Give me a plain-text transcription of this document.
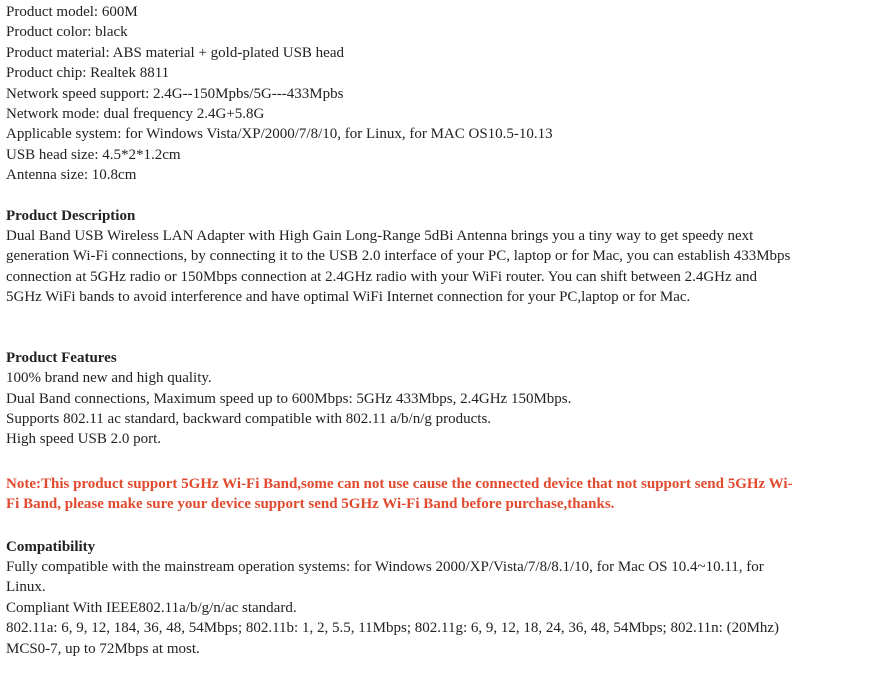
Product model: 600M
Product color: black
Product material: ABS material + gold-plated USB head
Product chip: Realtek 8811
Network speed support: 2.4G--150Mpbs/5G---433Mpbs
Network mode: dual frequency 2.4G+5.8G
Applicable system: for Windows Vista/XP/2000/7/8/10, for Linux, for MAC OS10.5-10.13
USB head size: 4.5*2*1.2cm
Antenna size: 10.8cm
Product Description
Dual Band USB Wireless LAN Adapter with High Gain Long-Range 5dBi Antenna brings you a tiny way to get speedy next
generation Wi-Fi connections, by connecting it to the USB 2.0 interface of your PC, laptop or for Mac, you can establish 433Mbps
connection at 5GHz radio or 150Mbps connection at 2.4GHz radio with your WiFi router. You can shift between 2.4GHz and
5GHz WiFi bands to avoid interference and have optimal WiFi Internet connection for your PC,laptop or for Mac.
Product Features
100% brand new and high quality.
Dual Band connections, Maximum speed up to 600Mbps: 5GHz 433Mbps, 2.4GHz 150Mbps.
Supports 802.11 ac standard, backward compatible with 802.11 a/b/n/g products.
High speed USB 2.0 port.
Note:This product support 5GHz Wi-Fi Band,some can not use cause the connected device that not support send 5GHz Wi-
Fi Band, please make sure your device support send 5GHz Wi-Fi Band before purchase,thanks.
Compatibility
Fully compatible with the mainstream operation systems: for Windows 2000/XP/Vista/7/8/8.1/10, for Mac OS 10.4~10.11, for
Linux.
Compliant With IEEE802.11a/b/g/n/ac standard.
802.11a: 6, 9, 12, 184, 36, 48, 54Mbps; 802.11b: 1, 2, 5.5, 11Mbps; 802.11g: 6, 9, 12, 18, 24, 36, 48, 54Mbps; 802.11n: (20Mhz)
MCS0-7, up to 72Mbps at most.
